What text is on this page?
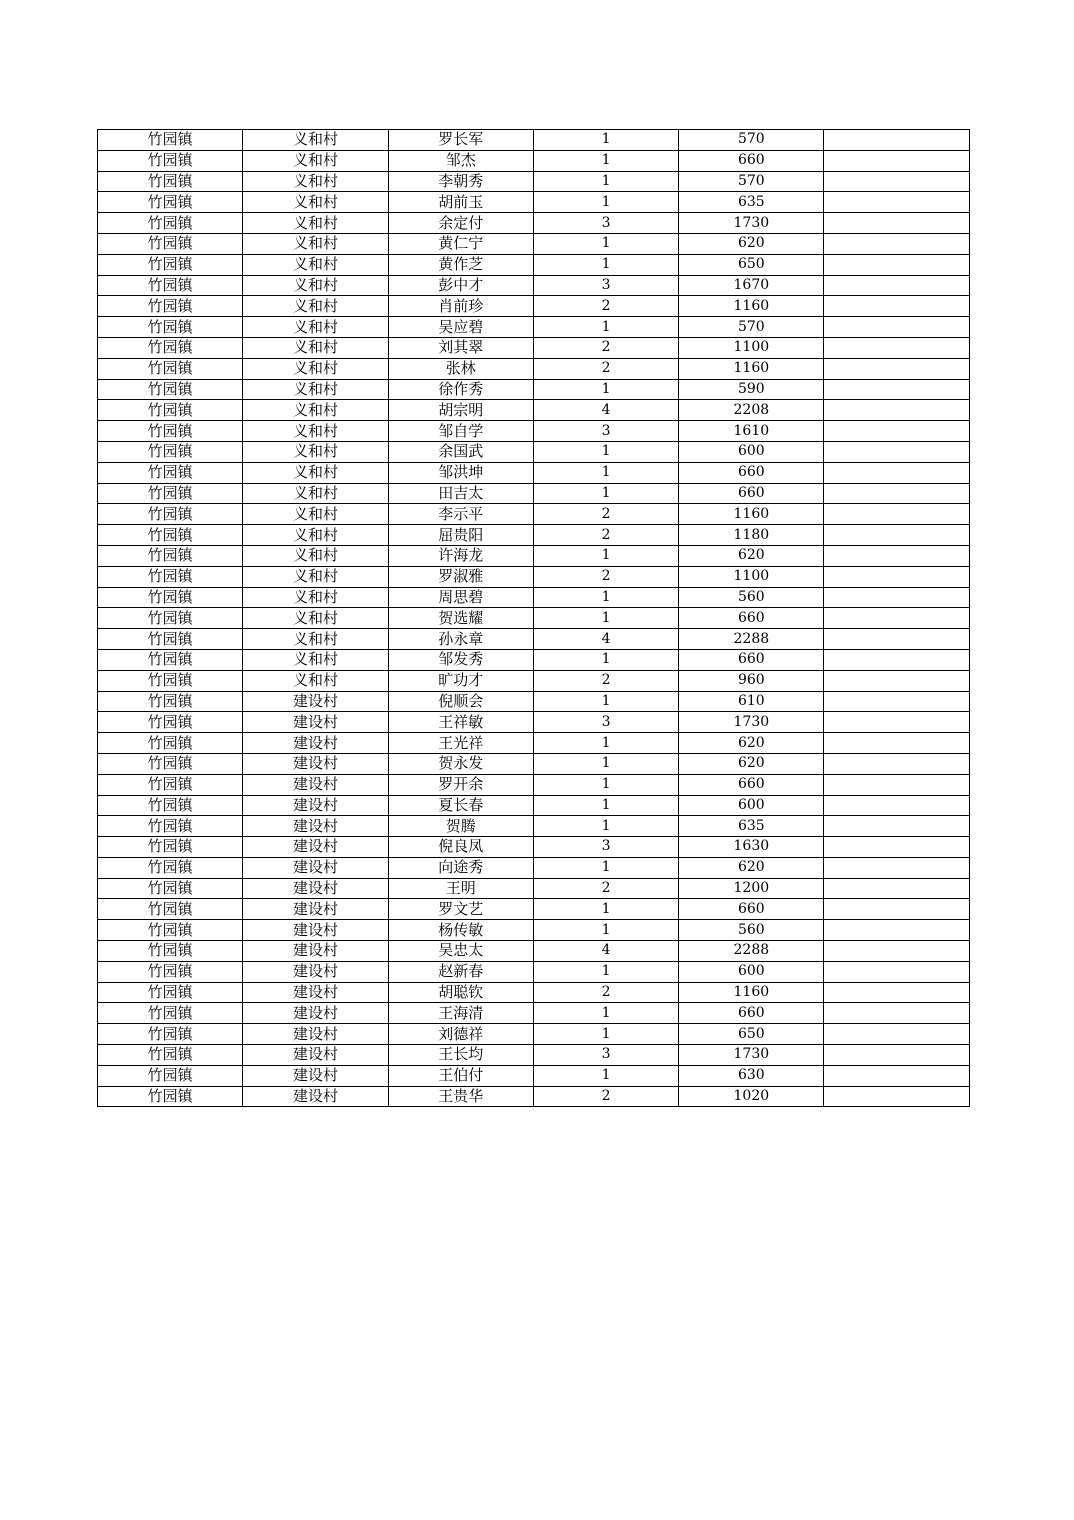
竹园镇	义和村	罗长军	1	570	
竹园镇	义和村	邹杰	1	660	
竹园镇	义和村	李朝秀	1	570	
竹园镇	义和村	胡前玉	1	635	
竹园镇	义和村	余定付	3	1730	
竹园镇	义和村	黄仁宁	1	620	
竹园镇	义和村	黄作芝	1	650	
竹园镇	义和村	彭中才	3	1670	
竹园镇	义和村	肖前珍	2	1160	
竹园镇	义和村	吴应碧	1	570	
竹园镇	义和村	刘其翠	2	1100	
竹园镇	义和村	张林	2	1160	
竹园镇	义和村	徐作秀	1	590	
竹园镇	义和村	胡宗明	4	2208	
竹园镇	义和村	邹自学	3	1610	
竹园镇	义和村	余国武	1	600	
竹园镇	义和村	邹洪坤	1	660	
竹园镇	义和村	田吉太	1	660	
竹园镇	义和村	李示平	2	1160	
竹园镇	义和村	屈贵阳	2	1180	
竹园镇	义和村	许海龙	1	620	
竹园镇	义和村	罗淑雅	2	1100	
竹园镇	义和村	周思碧	1	560	
竹园镇	义和村	贺选耀	1	660	
竹园镇	义和村	孙永章	4	2288	
竹园镇	义和村	邹发秀	1	660	
竹园镇	义和村	旷功才	2	960	
竹园镇	建设村	倪顺会	1	610	
竹园镇	建设村	王祥敏	3	1730	
竹园镇	建设村	王光祥	1	620	
竹园镇	建设村	贺永发	1	620	
竹园镇	建设村	罗开余	1	660	
竹园镇	建设村	夏长春	1	600	
竹园镇	建设村	贺腾	1	635	
竹园镇	建设村	倪良凤	3	1630	
竹园镇	建设村	向途秀	1	620	
竹园镇	建设村	王明	2	1200	
竹园镇	建设村	罗文艺	1	660	
竹园镇	建设村	杨传敏	1	560	
竹园镇	建设村	吴忠太	4	2288	
竹园镇	建设村	赵新春	1	600	
竹园镇	建设村	胡聪钦	2	1160	
竹园镇	建设村	王海清	1	660	
竹园镇	建设村	刘德祥	1	650	
竹园镇	建设村	王长均	3	1730	
竹园镇	建设村	王伯付	1	630	
竹园镇	建设村	王贵华	2	1020	
